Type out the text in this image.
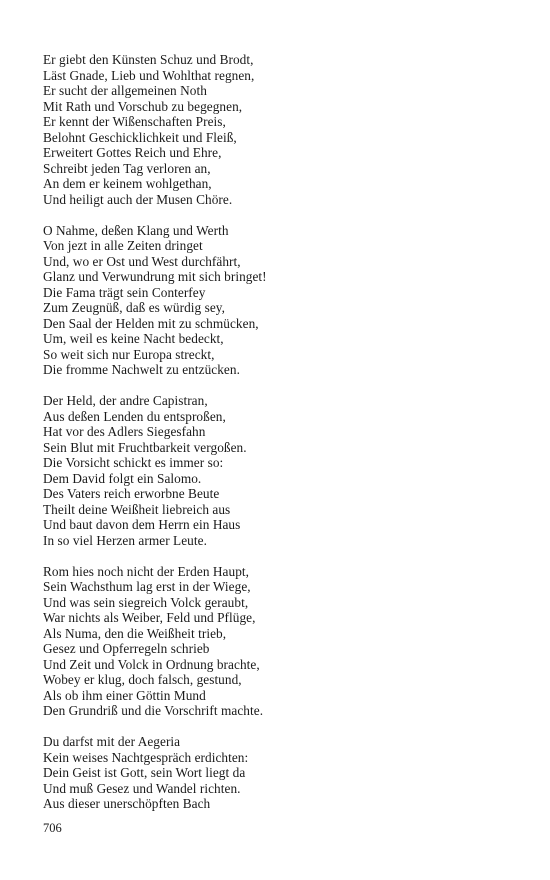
Er giebt den Künsten Schuz und Brodt,
Läst Gnade, Lieb und Wohlthat regnen,
Er sucht der allgemeinen Noth
Mit Rath und Vorschub zu begegnen,
Er kennt der Wißenschaften Preis,
Belohnt Geschicklichkeit und Fleiß,
Erweitert Gottes Reich und Ehre,
Schreibt jeden Tag verloren an,
An dem er keinem wohlgethan,
Und heiligt auch der Musen Chöre.
O Nahme, deßen Klang und Werth
Von jezt in alle Zeiten dringet
Und, wo er Ost und West durchfährt,
Glanz und Verwundrung mit sich bringet!
Die Fama trägt sein Conterfey
Zum Zeugnüß, daß es würdig sey,
Den Saal der Helden mit zu schmücken,
Um, weil es keine Nacht bedeckt,
So weit sich nur Europa streckt,
Die fromme Nachwelt zu entzücken.
Der Held, der andre Capistran,
Aus deßen Lenden du entsproßen,
Hat vor des Adlers Siegesfahn
Sein Blut mit Fruchtbarkeit vergoßen.
Die Vorsicht schickt es immer so:
Dem David folgt ein Salomo.
Des Vaters reich erworbne Beute
Theilt deine Weißheit liebreich aus
Und baut davon dem Herrn ein Haus
In so viel Herzen armer Leute.
Rom hies noch nicht der Erden Haupt,
Sein Wachsthum lag erst in der Wiege,
Und was sein siegreich Volck geraubt,
War nichts als Weiber, Feld und Pflüge,
Als Numa, den die Weißheit trieb,
Gesez und Opferregeln schrieb
Und Zeit und Volck in Ordnung brachte,
Wobey er klug, doch falsch, gestund,
Als ob ihm einer Göttin Mund
Den Grundriß und die Vorschrift machte.
Du darfst mit der Aegeria
Kein weises Nachtgespräch erdichten:
Dein Geist ist Gott, sein Wort liegt da
Und muß Gesez und Wandel richten.
Aus dieser unerschöpften Bach
706
